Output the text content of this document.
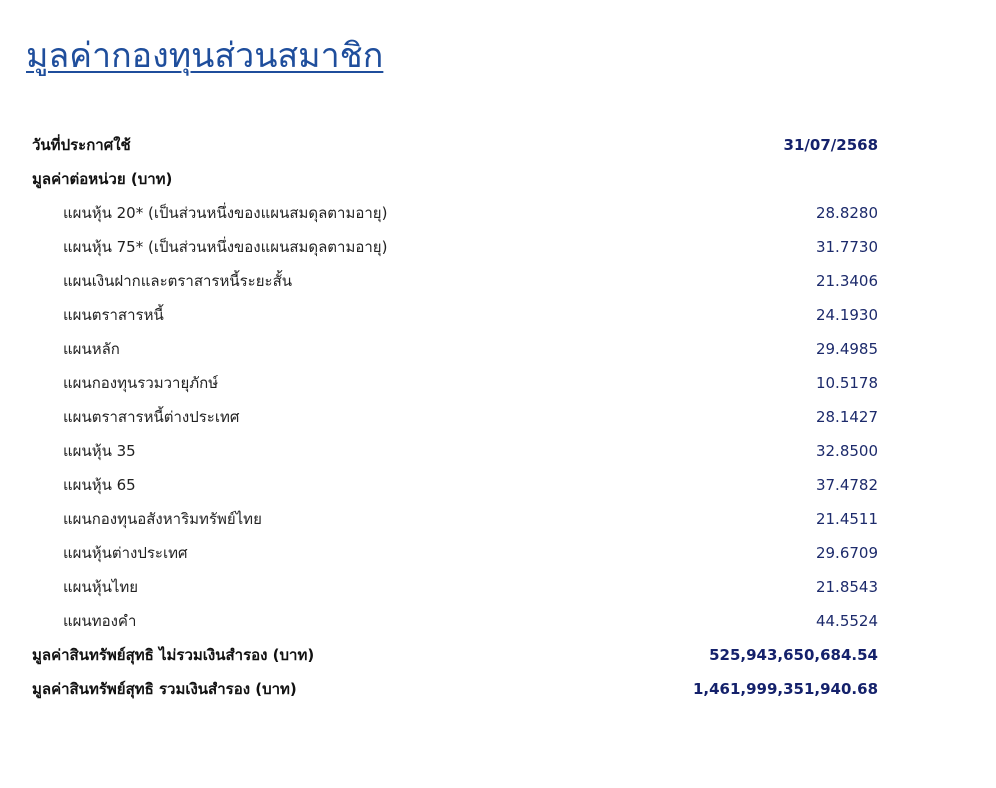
มูลค่ากองทุนส่วนสมาชิก
วันที่ประกาศใช้	31/07/2568
มูลค่าต่อหน่วย (บาท)
แผนหุ้น 20* (เป็นส่วนหนึ่งของแผนสมดุลตามอายุ)	28.8280
แผนหุ้น 75* (เป็นส่วนหนึ่งของแผนสมดุลตามอายุ)	31.7730
แผนเงินฝากและตราสารหนี้ระยะสั้น	21.3406
แผนตราสารหนี้	24.1930
แผนหลัก	29.4985
แผนกองทุนรวมวายุภักษ์	10.5178
แผนตราสารหนี้ต่างประเทศ	28.1427
แผนหุ้น 35	32.8500
แผนหุ้น 65	37.4782
แผนกองทุนอสังหาริมทรัพย์ไทย	21.4511
แผนหุ้นต่างประเทศ	29.6709
แผนหุ้นไทย	21.8543
แผนทองคำ	44.5524
มูลค่าสินทรัพย์สุทธิ ไม่รวมเงินสำรอง (บาท)	525,943,650,684.54
มูลค่าสินทรัพย์สุทธิ รวมเงินสำรอง (บาท)	1,461,999,351,940.68
